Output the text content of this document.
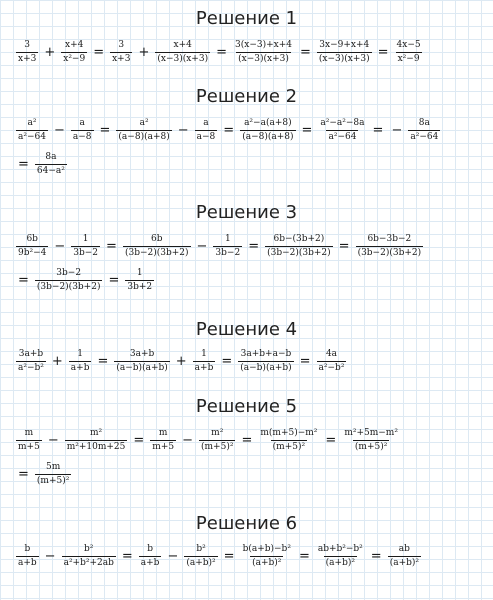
Решение 1
$\frac{3}{x+3} + \frac{x+4}{\text{x²−9}} = \frac{3}{x+3} + \frac{x+4}{(x-3)(x+3)} = \frac{3(x-3)+x+4}{(x-3)(x+3)} = \frac{3x-9+x+4}{(x-3)(x+3)} = \frac{4x-5}{\text{x²−9}}$
Решение 2
$\frac{\text{a²}}{\text{a²−64}} - \frac{a}{a-8} = \frac{\text{a²}}{(a-8)(a+8)} - \frac{a}{a-8} = \frac{\text{a²−a(a+8)}}{(a-8)(a+8)} = \frac{\text{a²−a²−8a}}{\text{a²−64}}$ = − $\frac{8a}{\text{a²−64}}$
= $\frac{8a}{\text{64−a²}}$
Решение 3
$\frac{6b}{\text{9b²−4}} - \frac{1}{3b-2} = \frac{6b}{(3b-2)(3b+2)} - \frac{1}{3b-2} = \frac{6b-(3b+2)}{(3b-2)(3b+2)} = \frac{6b-3b-2}{(3b-2)(3b+2)}$
= $\frac{3b-2}{(3b-2)(3b+2)} = \frac{1}{3b+2}$
Решение 4
$\frac{3a+b}{\text{a²−b²}} + \frac{1}{a+b} = \frac{3a+b}{(a-b)(a+b)} + \frac{1}{a+b} = \frac{3a+b+a-b}{(a-b)(a+b)} = \frac{4a}{\text{a²−b²}}$
Решение 5
$\frac{m}{m+5} - \frac{\text{m²}}{\text{m²+10m+25}} = \frac{m}{m+5} - \frac{\text{m²}}{\text{(m+5)²}} = \frac{\text{m(m+5)−m²}}{\text{(m+5)²}} = \frac{\text{m²+5m−m²}}{\text{(m+5)²}}$
= $\frac{5m}{\text{(m+5)²}}$
Решение 6
$\frac{b}{a+b} - \frac{\text{b²}}{\text{a²+b²+2ab}} = \frac{b}{a+b} - \frac{\text{b²}}{\text{(a+b)²}} = \frac{\text{b(a+b)−b²}}{\text{(a+b)²}} = \frac{\text{ab+b²−b²}}{\text{(a+b)²}} = \frac{ab}{\text{(a+b)²}}$
